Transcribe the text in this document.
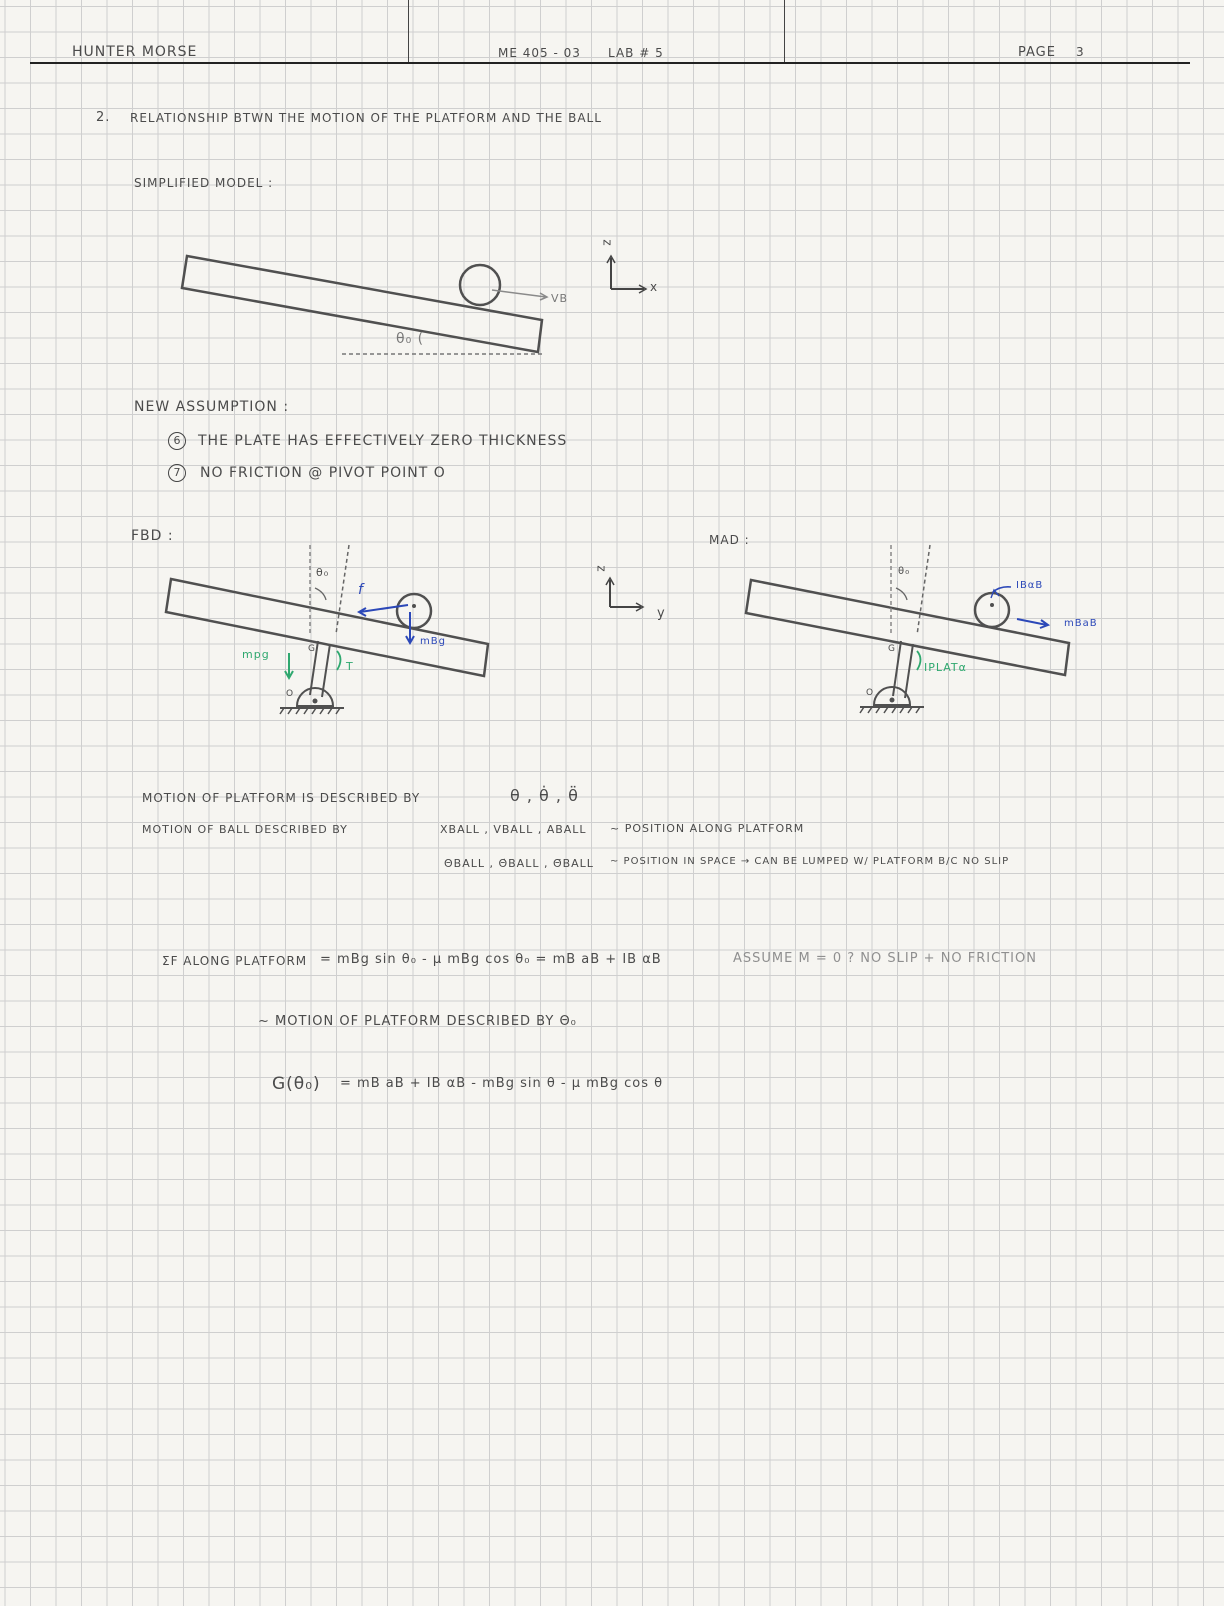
HUNTER MORSE	ME 405 - 03 LAB # 5	PAGE 3
2. RELATIONSHIP BTWN THE MOTION OF THE PLATFORM AND THE BALL
SIMPLIFIED MODEL :
VB
θ₀ (
z
x
NEW ASSUMPTION :
6	THE PLATE HAS EFFECTIVELY ZERO THICKNESS
7	NO FRICTION @ PIVOT POINT O
FBD :
θ₀
f
mBg
mpg
T
O
G
z
y
MAD :
θ₀
IBαB
mBaB
IPLATα
O
G
MOTION OF PLATFORM IS DESCRIBED BY	θ , θ̇ , θ̈
MOTION OF BALL DESCRIBED BY	XBALL , VBALL , ABALL ~ POSITION ALONG PLATFORM
ΘBALL , Θ̇BALL , Θ̈BALL ~ POSITION IN SPACE → CAN BE LUMPED W/ PLATFORM B/C NO SLIP
ΣF ALONG PLATFORM = mBg sin θ₀ - μ mBg cos θ₀ = mB aB + IB αB	ASSUME Μ = 0 ? NO SLIP + NO FRICTION
~ MOTION OF PLATFORM DESCRIBED BY Θ₀
G(θ₀) = mB aB + IB αB - mBg sin θ - μ mBg cos θ
